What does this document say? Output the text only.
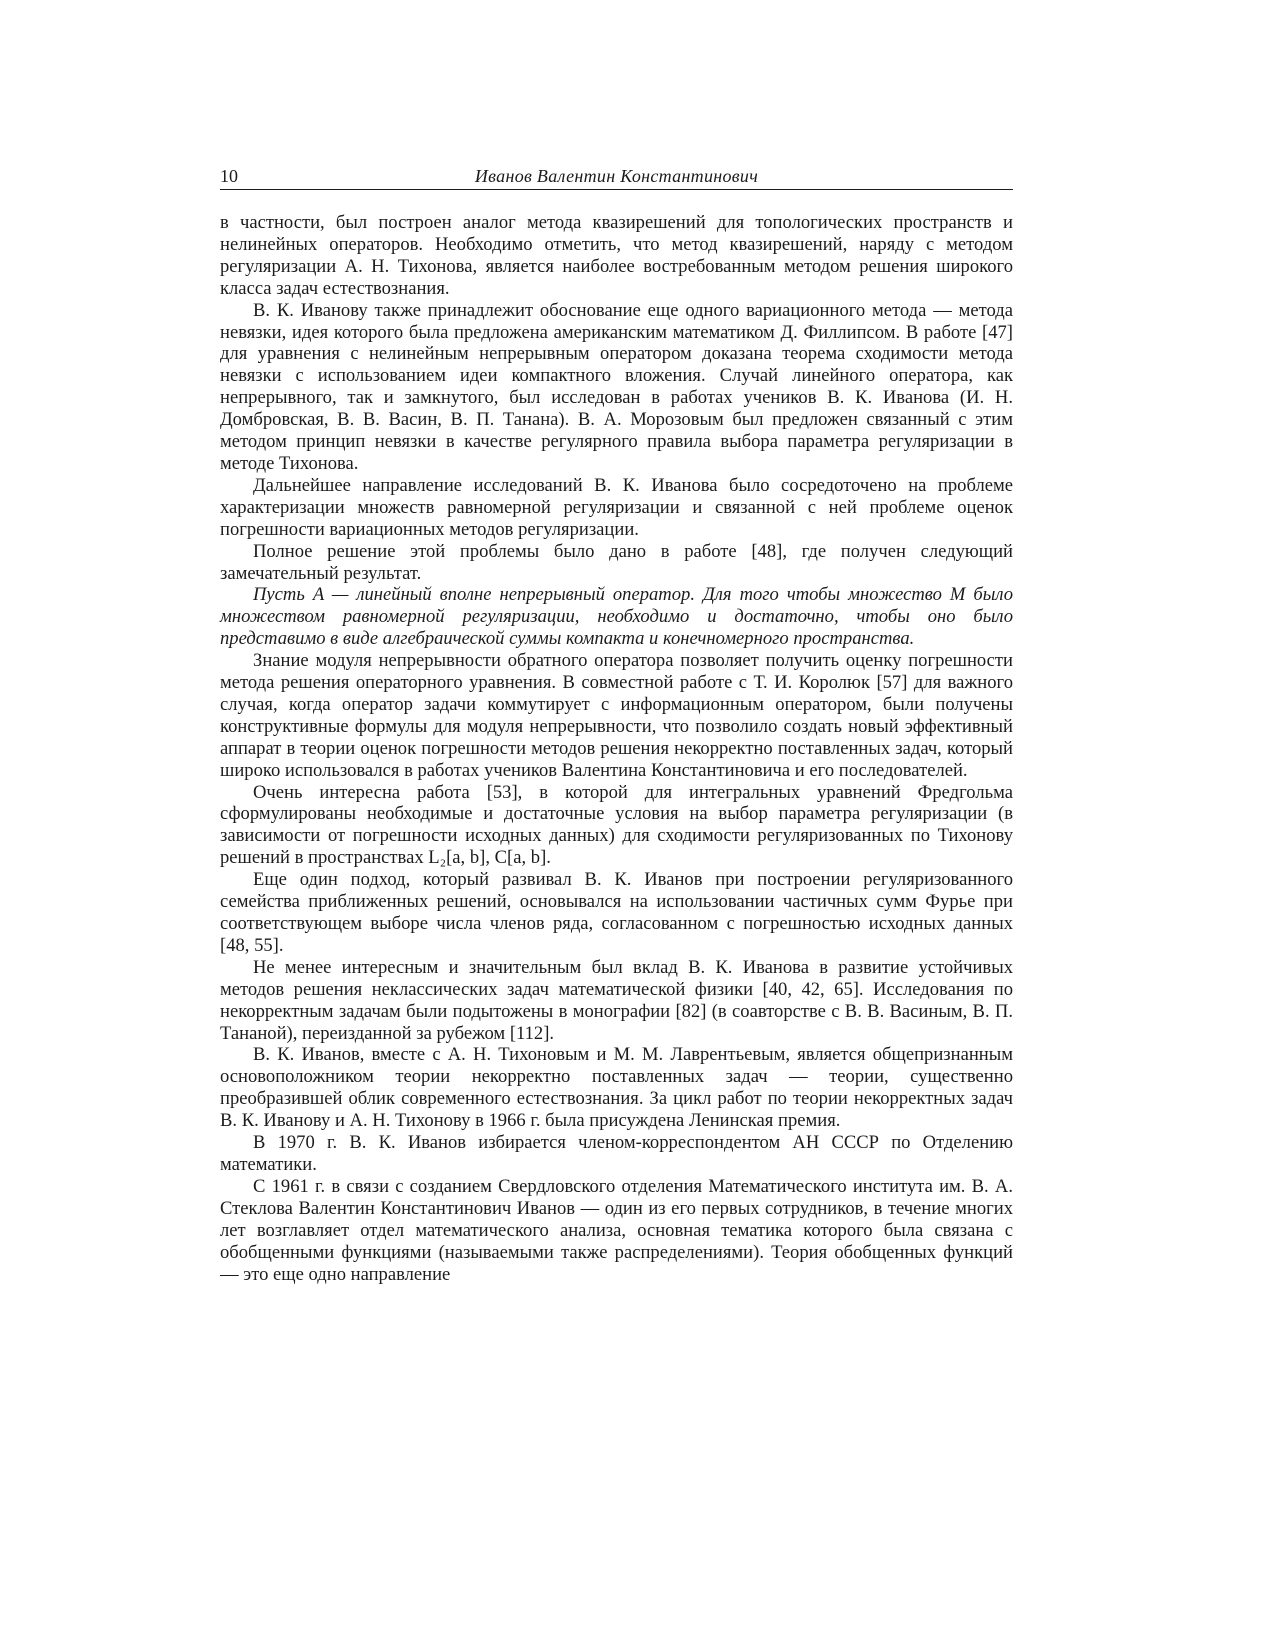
10	Иванов Валентин Константинович

в частности, был построен аналог метода квазирешений для топологических пространств и нелинейных операторов. Необходимо отметить, что метод квазирешений, наряду с методом регуляризации А. Н. Тихонова, является наиболее востребованным методом решения широкого класса задач естествознания.

В. К. Иванову также принадлежит обоснование еще одного вариационного метода — метода невязки, идея которого была предложена американским математиком Д. Филлипсом. В работе [47] для уравнения с нелинейным непрерывным оператором доказана теорема сходимости метода невязки с использованием идеи компактного вложения. Случай линейного оператора, как непрерывного, так и замкнутого, был исследован в работах учеников В. К. Иванова (И. Н. Домбровская, В. В. Васин, В. П. Танана). В. А. Морозовым был предложен связанный с этим методом принцип невязки в качестве регулярного правила выбора параметра регуляризации в методе Тихонова.

Дальнейшее направление исследований В. К. Иванова было сосредоточено на проблеме характеризации множеств равномерной регуляризации и связанной с ней проблеме оценок погрешности вариационных методов регуляризации.

Полное решение этой проблемы было дано в работе [48], где получен следующий замечательный результат.

Пусть A — линейный вполне непрерывный оператор. Для того чтобы множество M было множеством равномерной регуляризации, необходимо и достаточно, чтобы оно было представимо в виде алгебраической суммы компакта и конечномерного пространства.

Знание модуля непрерывности обратного оператора позволяет получить оценку погрешности метода решения операторного уравнения. В совместной работе с Т. И. Королюк [57] для важного случая, когда оператор задачи коммутирует с информационным оператором, были получены конструктивные формулы для модуля непрерывности, что позволило создать новый эффективный аппарат в теории оценок погрешности методов решения некорректно поставленных задач, который широко использовался в работах учеников Валентина Константиновича и его последователей.

Очень интересна работа [53], в которой для интегральных уравнений Фредгольма сформулированы необходимые и достаточные условия на выбор параметра регуляризации (в зависимости от погрешности исходных данных) для сходимости регуляризованных по Тихонову решений в пространствах L₂[a, b], C[a, b].

Еще один подход, который развивал В. К. Иванов при построении регуляризованного семейства приближенных решений, основывался на использовании частичных сумм Фурье при соответствующем выборе числа членов ряда, согласованном с погрешностью исходных данных [48, 55].

Не менее интересным и значительным был вклад В. К. Иванова в развитие устойчивых методов решения неклассических задач математической физики [40, 42, 65]. Исследования по некорректным задачам были подытожены в монографии [82] (в соавторстве с В. В. Васиным, В. П. Тананой), переизданной за рубежом [112].

В. К. Иванов, вместе с А. Н. Тихоновым и М. М. Лаврентьевым, является общепризнанным основоположником теории некорректно поставленных задач — теории, существенно преобразившей облик современного естествознания. За цикл работ по теории некорректных задач В. К. Иванову и А. Н. Тихонову в 1966 г. была присуждена Ленинская премия.

В 1970 г. В. К. Иванов избирается членом-корреспондентом АН СССР по Отделению математики.

С 1961 г. в связи с созданием Свердловского отделения Математического института им. В. А. Стеклова Валентин Константинович Иванов — один из его первых сотрудников, в течение многих лет возглавляет отдел математического анализа, основная тематика которого была связана с обобщенными функциями (называемыми также распределениями). Теория обобщенных функций — это еще одно направление
